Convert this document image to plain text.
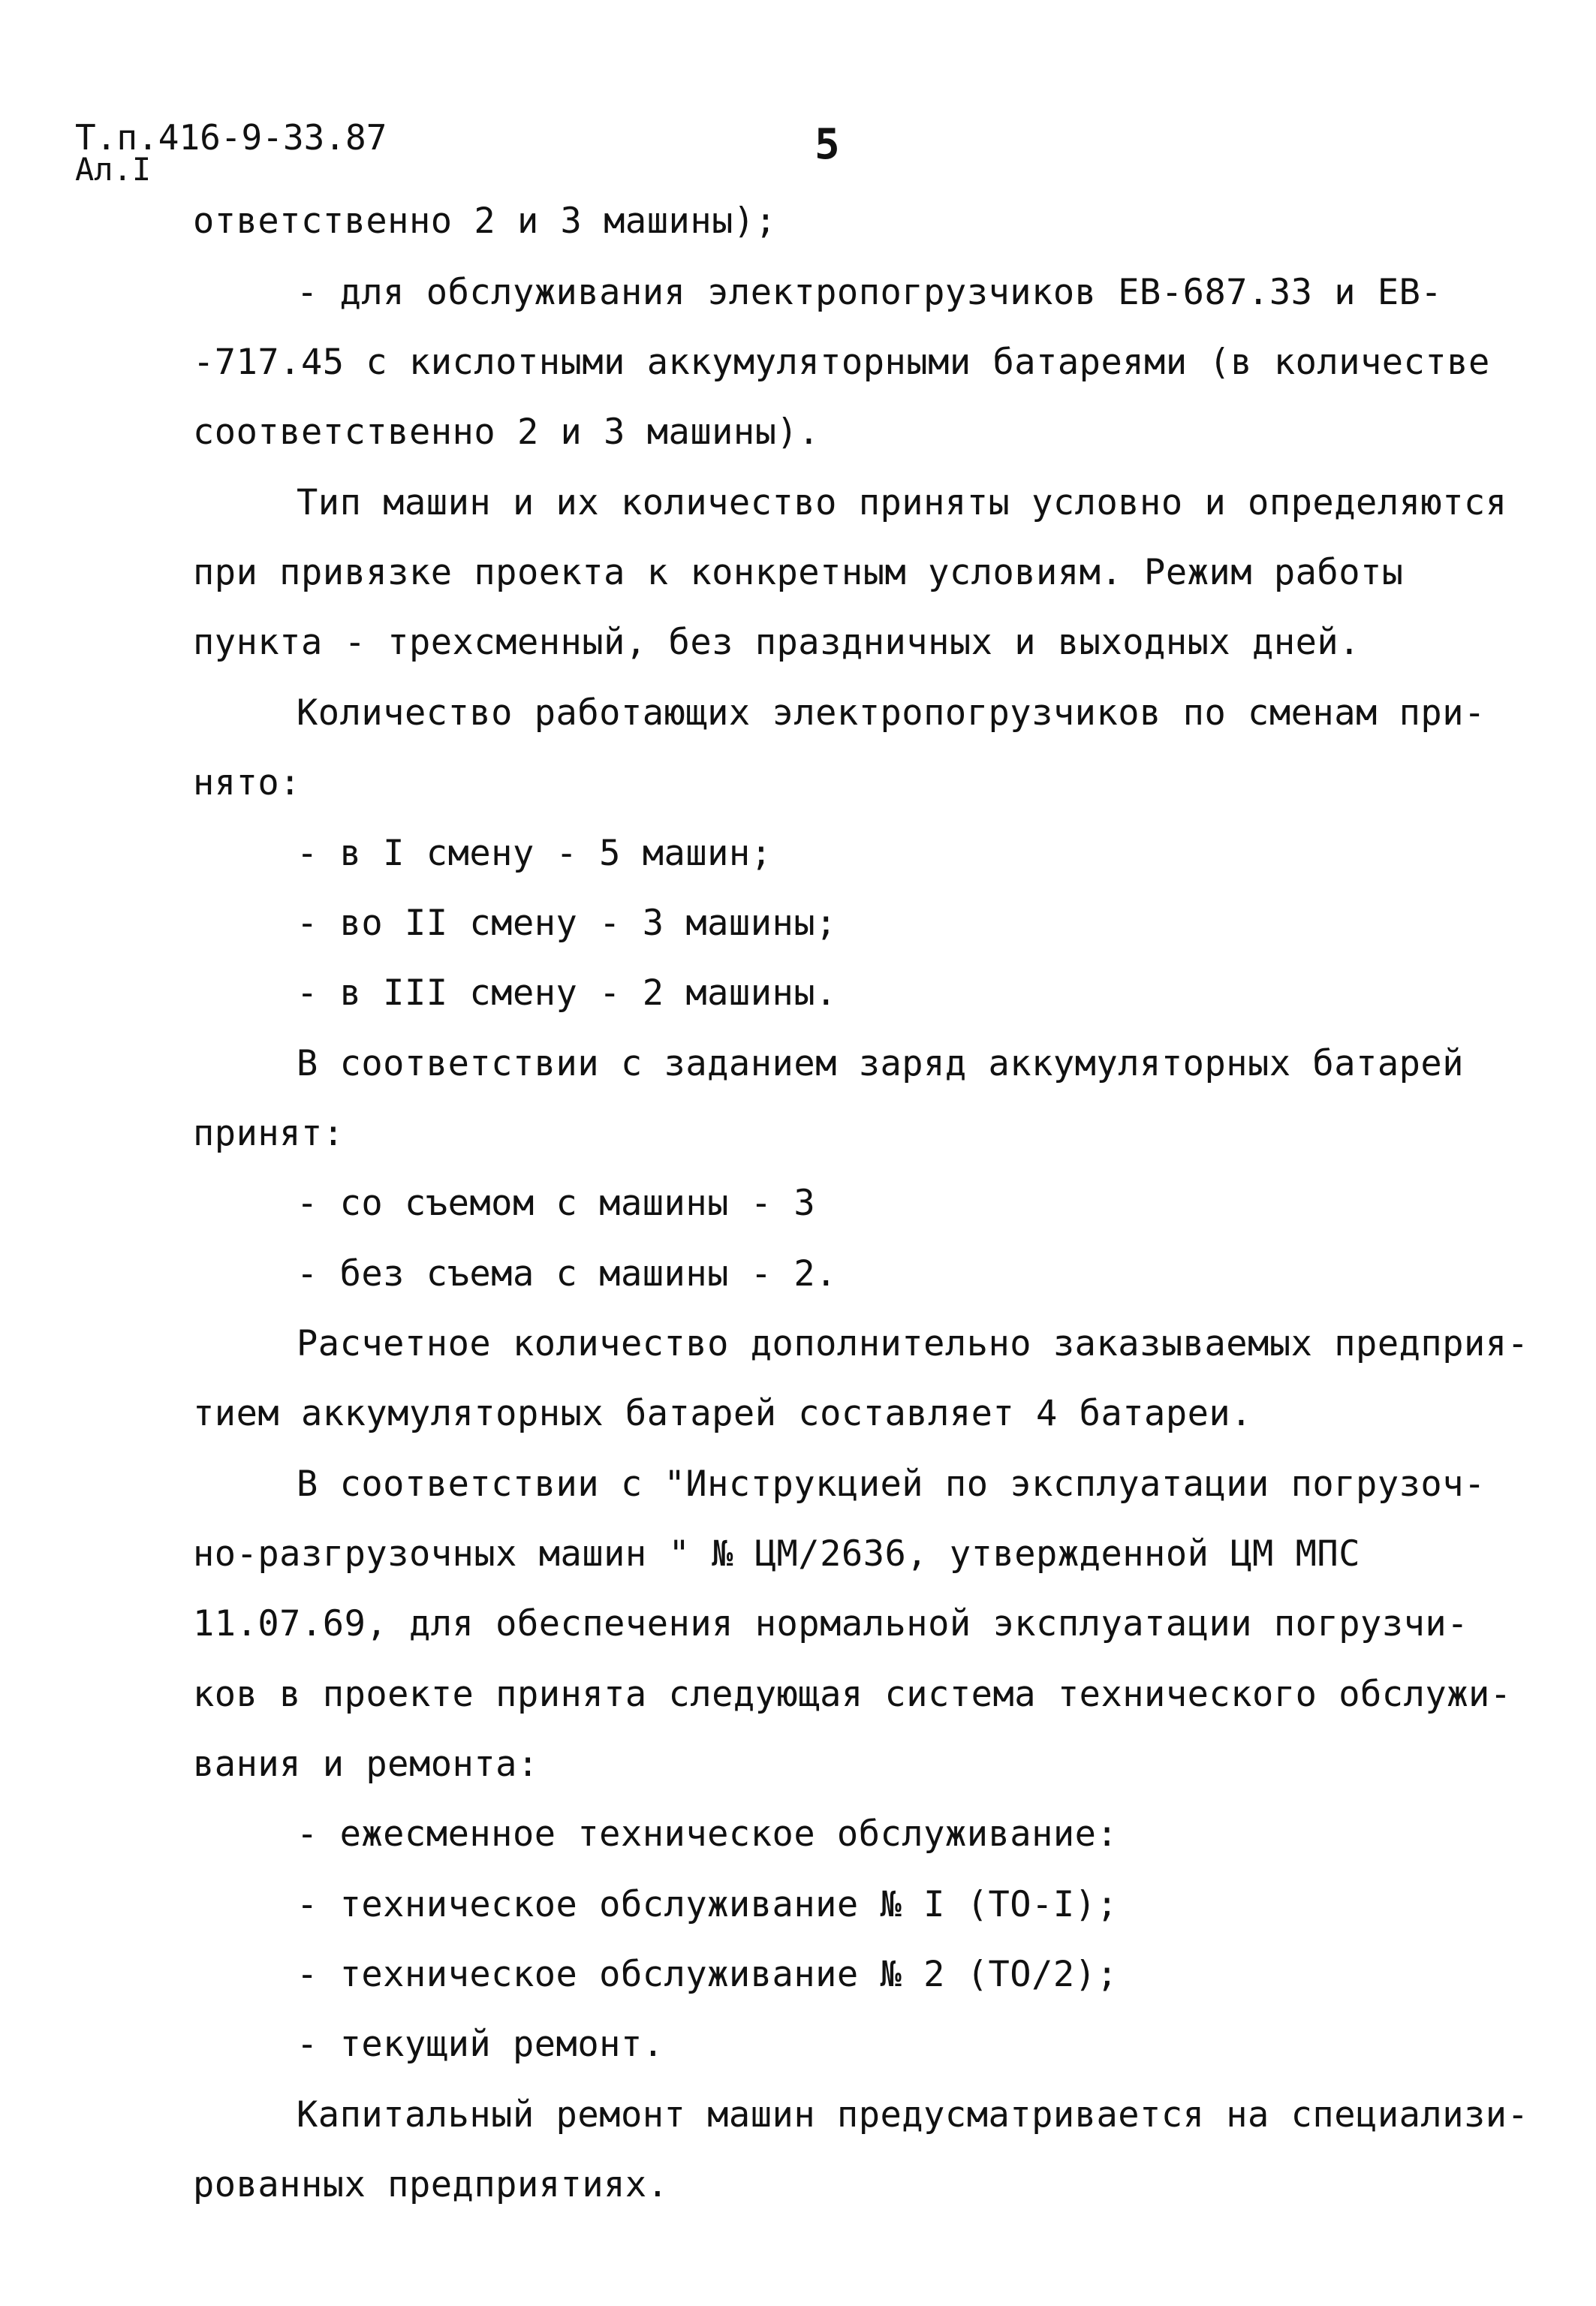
Т.п.416-9-33.87
Ал.I
5
ответственно 2 и 3 машины);
- для обслуживания электропогрузчиков ЕВ-687.33 и ЕВ-
-717.45 с кислотными аккумуляторными батареями (в количестве
соответственно 2 и 3 машины).
Тип машин и их количество приняты условно и определяются
при привязке проекта к конкретным условиям. Режим работы
пункта - трехсменный, без праздничных и выходных дней.
Количество работающих электропогрузчиков по сменам при-
нято:
- в I смену - 5 машин;
- во II смену - 3 машины;
- в III смену - 2 машины.
В соответствии с заданием заряд аккумуляторных батарей
принят:
- со съемом с машины - 3
- без съема с машины - 2.
Расчетное количество дополнительно заказываемых предприя-
тием аккумуляторных батарей составляет 4 батареи.
В соответствии с "Инструкцией по эксплуатации погрузоч-
но-разгрузочных машин " № ЦМ/2636, утвержденной ЦМ МПС
11.07.69, для обеспечения нормальной эксплуатации погрузчи-
ков в проекте принята следующая система технического обслужи-
вания и ремонта:
- ежесменное техническое обслуживание:
- техническое обслуживание № I (ТО-I);
- техническое обслуживание № 2 (ТО/2);
- текущий ремонт.
Капитальный ремонт машин предусматривается на специализи-
рованных предприятиях.
